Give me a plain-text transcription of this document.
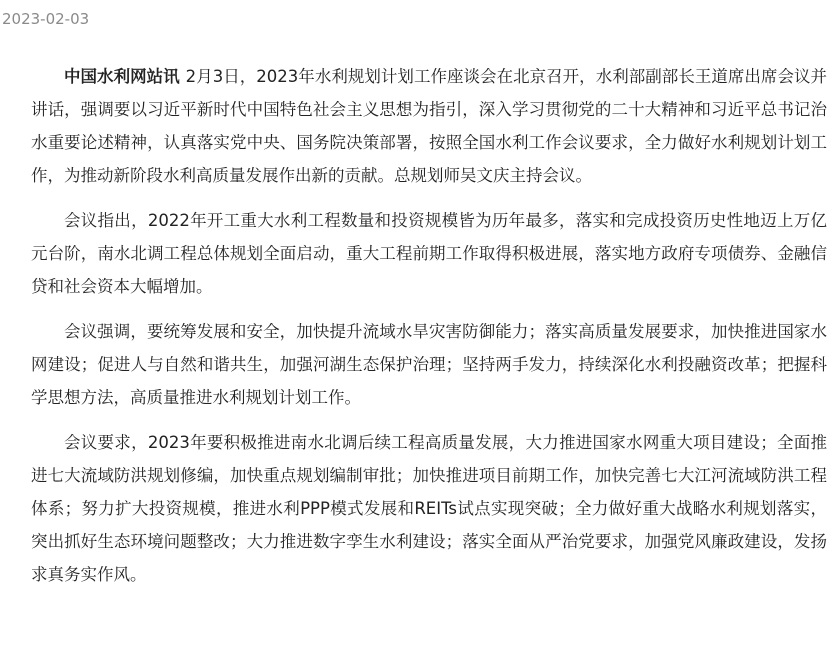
2023-02-03

中国水利网站讯 2月3日，2023年水利规划计划工作座谈会在北京召开，水利部副部长王道席出席会议并讲话，强调要以习近平新时代中国特色社会主义思想为指引，深入学习贯彻党的二十大精神和习近平总书记治水重要论述精神，认真落实党中央、国务院决策部署，按照全国水利工作会议要求，全力做好水利规划计划工作，为推动新阶段水利高质量发展作出新的贡献。总规划师吴文庆主持会议。

会议指出，2022年开工重大水利工程数量和投资规模皆为历年最多，落实和完成投资历史性地迈上万亿元台阶，南水北调工程总体规划全面启动，重大工程前期工作取得积极进展，落实地方政府专项债券、金融信贷和社会资本大幅增加。

会议强调，要统筹发展和安全，加快提升流域水旱灾害防御能力；落实高质量发展要求，加快推进国家水网建设；促进人与自然和谐共生，加强河湖生态保护治理；坚持两手发力，持续深化水利投融资改革；把握科学思想方法，高质量推进水利规划计划工作。

会议要求，2023年要积极推进南水北调后续工程高质量发展，大力推进国家水网重大项目建设；全面推进七大流域防洪规划修编，加快重点规划编制审批；加快推进项目前期工作，加快完善七大江河流域防洪工程体系；努力扩大投资规模，推进水利PPP模式发展和REITs试点实现突破；全力做好重大战略水利规划落实，突出抓好生态环境问题整改；大力推进数字孪生水利建设；落实全面从严治党要求，加强党风廉政建设，发扬求真务实作风。
